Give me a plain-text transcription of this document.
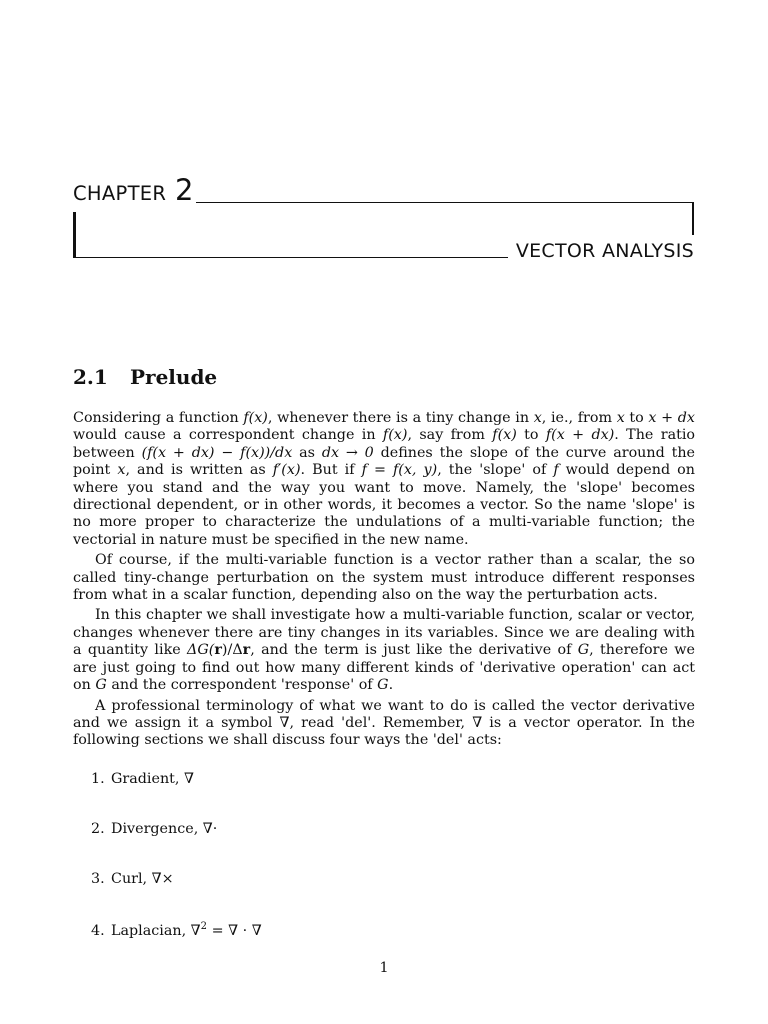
CHAPTER 2
VECTOR ANALYSIS
2.1 Prelude

Considering a function f(x), whenever there is a tiny change in x, ie., from x to x + dx would cause a correspondent change in f(x), say from f(x) to f(x + dx). The ratio between (f(x + dx) − f(x))/dx as dx → 0 defines the slope of the curve around the point x, and is written as f′(x). But if f = f(x, y), the 'slope' of f would depend on where you stand and the way you want to move. Namely, the 'slope' becomes directional dependent, or in other words, it becomes a vector. So the name 'slope' is no more proper to characterize the undulations of a multi-variable function; the vectorial in nature must be specified in the new name.

Of course, if the multi-variable function is a vector rather than a scalar, the so called tiny-change perturbation on the system must introduce different responses from what in a scalar function, depending also on the way the perturbation acts.

In this chapter we shall investigate how a multi-variable function, scalar or vector, changes whenever there are tiny changes in its variables. Since we are dealing with a quantity like ΔG(r)/Δr, and the term is just like the derivative of G, therefore we are just going to find out how many different kinds of 'derivative operation' can act on G and the correspondent 'response' of G.

A professional terminology of what we want to do is called the vector derivative and we assign it a symbol ∇, read 'del'. Remember, ∇ is a vector operator. In the following sections we shall discuss four ways the 'del' acts:

1. Gradient, ∇
2. Divergence, ∇·
3. Curl, ∇×
4. Laplacian, ∇$^2$ = ∇ · ∇
1
